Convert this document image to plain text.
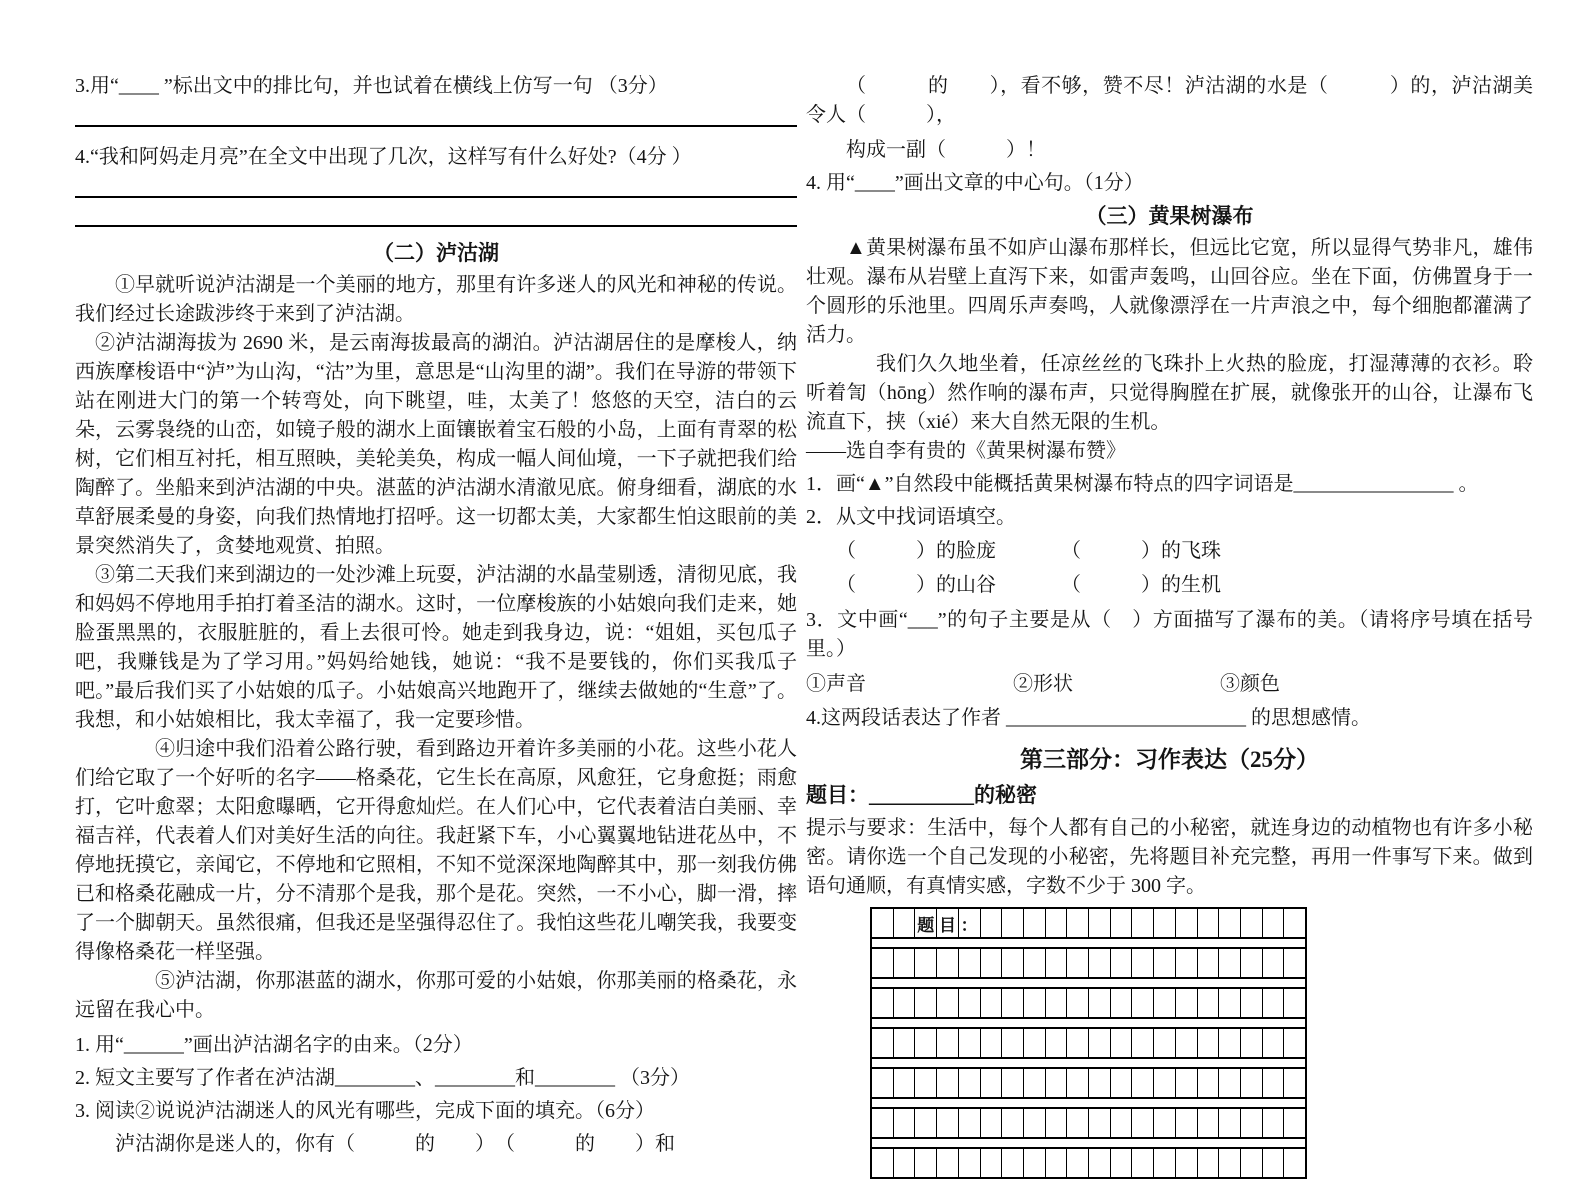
3.用“____ ”标出文中的排比句，并也试着在横线上仿写一句 （3分）

4.“我和阿妈走月亮”在全文中出现了几次，这样写有什么好处?（4分 ）

（二）泸沽湖

①早就听说泸沽湖是一个美丽的地方，那里有许多迷人的风光和神秘的传说。我们经过长途跋涉终于来到了泸沽湖。

②泸沽湖海拔为 2690 米，是云南海拔最高的湖泊。泸沽湖居住的是摩梭人，纳西族摩梭语中“泸”为山沟，“沽”为里，意思是“山沟里的湖”。我们在导游的带领下站在刚进大门的第一个转弯处，向下眺望，哇，太美了！悠悠的天空，洁白的云朵，云雾袅绕的山峦，如镜子般的湖水上面镶嵌着宝石般的小岛，上面有青翠的松树，它们相互衬托，相互照映，美轮美奂，构成一幅人间仙境，一下子就把我们给陶醉了。坐船来到泸沽湖的中央。湛蓝的泸沽湖水清澈见底。俯身细看，湖底的水草舒展柔曼的身姿，向我们热情地打招呼。这一切都太美，大家都生怕这眼前的美景突然消失了，贪婪地观赏、拍照。

③第二天我们来到湖边的一处沙滩上玩耍，泸沽湖的水晶莹剔透，清彻见底，我和妈妈不停地用手拍打着圣洁的湖水。这时，一位摩梭族的小姑娘向我们走来，她脸蛋黑黑的，衣服脏脏的，看上去很可怜。她走到我身边，说：“姐姐，买包瓜子吧，我赚钱是为了学习用。”妈妈给她钱，她说：“我不是要钱的，你们买我瓜子吧。”最后我们买了小姑娘的瓜子。小姑娘高兴地跑开了，继续去做她的“生意”了。我想，和小姑娘相比，我太幸福了，我一定要珍惜。

④归途中我们沿着公路行驶，看到路边开着许多美丽的小花。这些小花人们给它取了一个好听的名字——格桑花，它生长在高原，风愈狂，它身愈挺；雨愈打，它叶愈翠；太阳愈曝晒，它开得愈灿烂。在人们心中，它代表着洁白美丽、幸福吉祥，代表着人们对美好生活的向往。我赶紧下车，小心翼翼地钻进花丛中，不停地抚摸它，亲闻它，不停地和它照相，不知不觉深深地陶醉其中，那一刻我仿佛已和格桑花融成一片，分不清那个是我，那个是花。突然，一不小心，脚一滑，摔了一个脚朝天。虽然很痛，但我还是坚强得忍住了。我怕这些花儿嘲笑我，我要变得像格桑花一样坚强。

⑤泸沽湖，你那湛蓝的湖水，你那可爱的小姑娘，你那美丽的格桑花，永远留在我心中。

1. 用“______”画出泸沽湖名字的由来。（2分）

2. 短文主要写了作者在泸沽湖________、________和________ （3分）

3. 阅读②说说泸沽湖迷人的风光有哪些，完成下面的填充。（6分）

泸沽湖你是迷人的，你有（　　　的　　）　（　　　的　　）和

（　　　的　　），看不够，赞不尽！泸沽湖的水是（　　　）的，泸沽湖美令人（　　　），

构成一副（　　　）！

4. 用“____”画出文章的中心句。（1分）

（三）黄果树瀑布

▲黄果树瀑布虽不如庐山瀑布那样长，但远比它宽，所以显得气势非凡，雄伟壮观。瀑布从岩壁上直泻下来，如雷声轰鸣，山回谷应。坐在下面，仿佛置身于一个圆形的乐池里。四周乐声奏鸣，人就像漂浮在一片声浪之中，每个细胞都灌满了活力。

我们久久地坐着，任凉丝丝的飞珠扑上火热的脸庞，打湿薄薄的衣衫。聆听着訇（hōng）然作响的瀑布声，只觉得胸膛在扩展，就像张开的山谷，让瀑布飞流直下，挟（xié）来大自然无限的生机。

——选自李有贵的《黄果树瀑布赞》

1．画“▲”自然段中能概括黄果树瀑布特点的四字词语是________________ 。

2．从文中找词语填空。

（　　　）的脸庞	（　　　）的飞珠
（　　　）的山谷	（　　　）的生机

3．文中画“___”的句子主要是从（　）方面描写了瀑布的美。（请将序号填在括号里。）

①声音	②形状	③颜色

4.这两段话表达了作者 ________________________ 的思想感情。

第三部分：习作表达（25分）

题目：__________的秘密

提示与要求：生活中，每个人都有自己的小秘密，就连身边的动植物也有许多小秘密。请你选一个自己发现的小秘密，先将题目补充完整，再用一件事写下来。做到语句通顺，有真情实感，字数不少于 300 字。

题 目 ：
